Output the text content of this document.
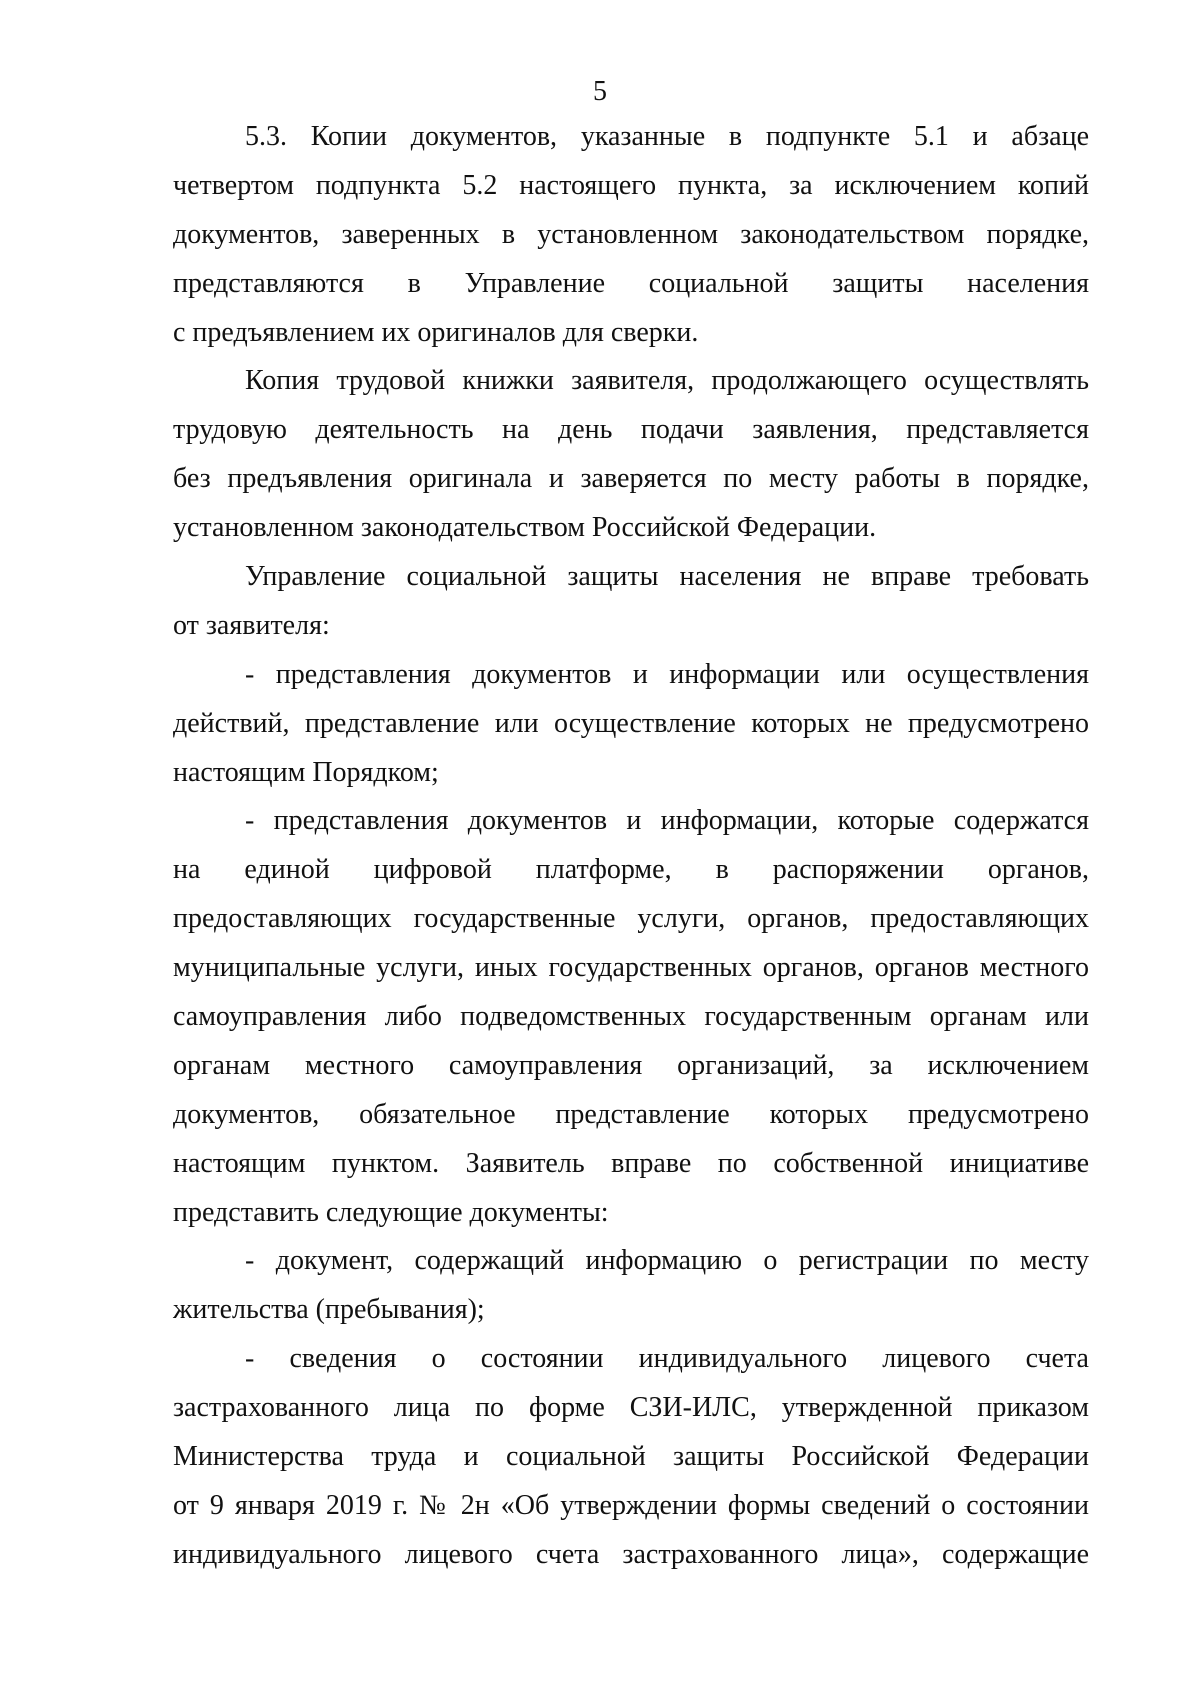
5

5.3. Копии документов, указанные в подпункте 5.1 и абзаце
четвертом подпункта 5.2 настоящего пункта, за исключением копий
документов, заверенных в установленном законодательством порядке,
представляются в Управление социальной защиты населения
с предъявлением их оригиналов для сверки.

Копия трудовой книжки заявителя, продолжающего осуществлять
трудовую деятельность на день подачи заявления, представляется
без предъявления оригинала и заверяется по месту работы в порядке,
установленном законодательством Российской Федерации.

Управление социальной защиты населения не вправе требовать
от заявителя:

- представления документов и информации или осуществления
действий, представление или осуществление которых не предусмотрено
настоящим Порядком;

- представления документов и информации, которые содержатся
на единой цифровой платформе, в распоряжении органов,
предоставляющих государственные услуги, органов, предоставляющих
муниципальные услуги, иных государственных органов, органов местного
самоуправления либо подведомственных государственным органам или
органам местного самоуправления организаций, за исключением
документов, обязательное представление которых предусмотрено
настоящим пунктом. Заявитель вправе по собственной инициативе
представить следующие документы:

- документ, содержащий информацию о регистрации по месту
жительства (пребывания);

- сведения о состоянии индивидуального лицевого счета
застрахованного лица по форме СЗИ-ИЛС, утвержденной приказом
Министерства труда и социальной защиты Российской Федерации
от 9 января 2019 г. № 2н «Об утверждении формы сведений о состоянии
индивидуального лицевого счета застрахованного лица», содержащие
